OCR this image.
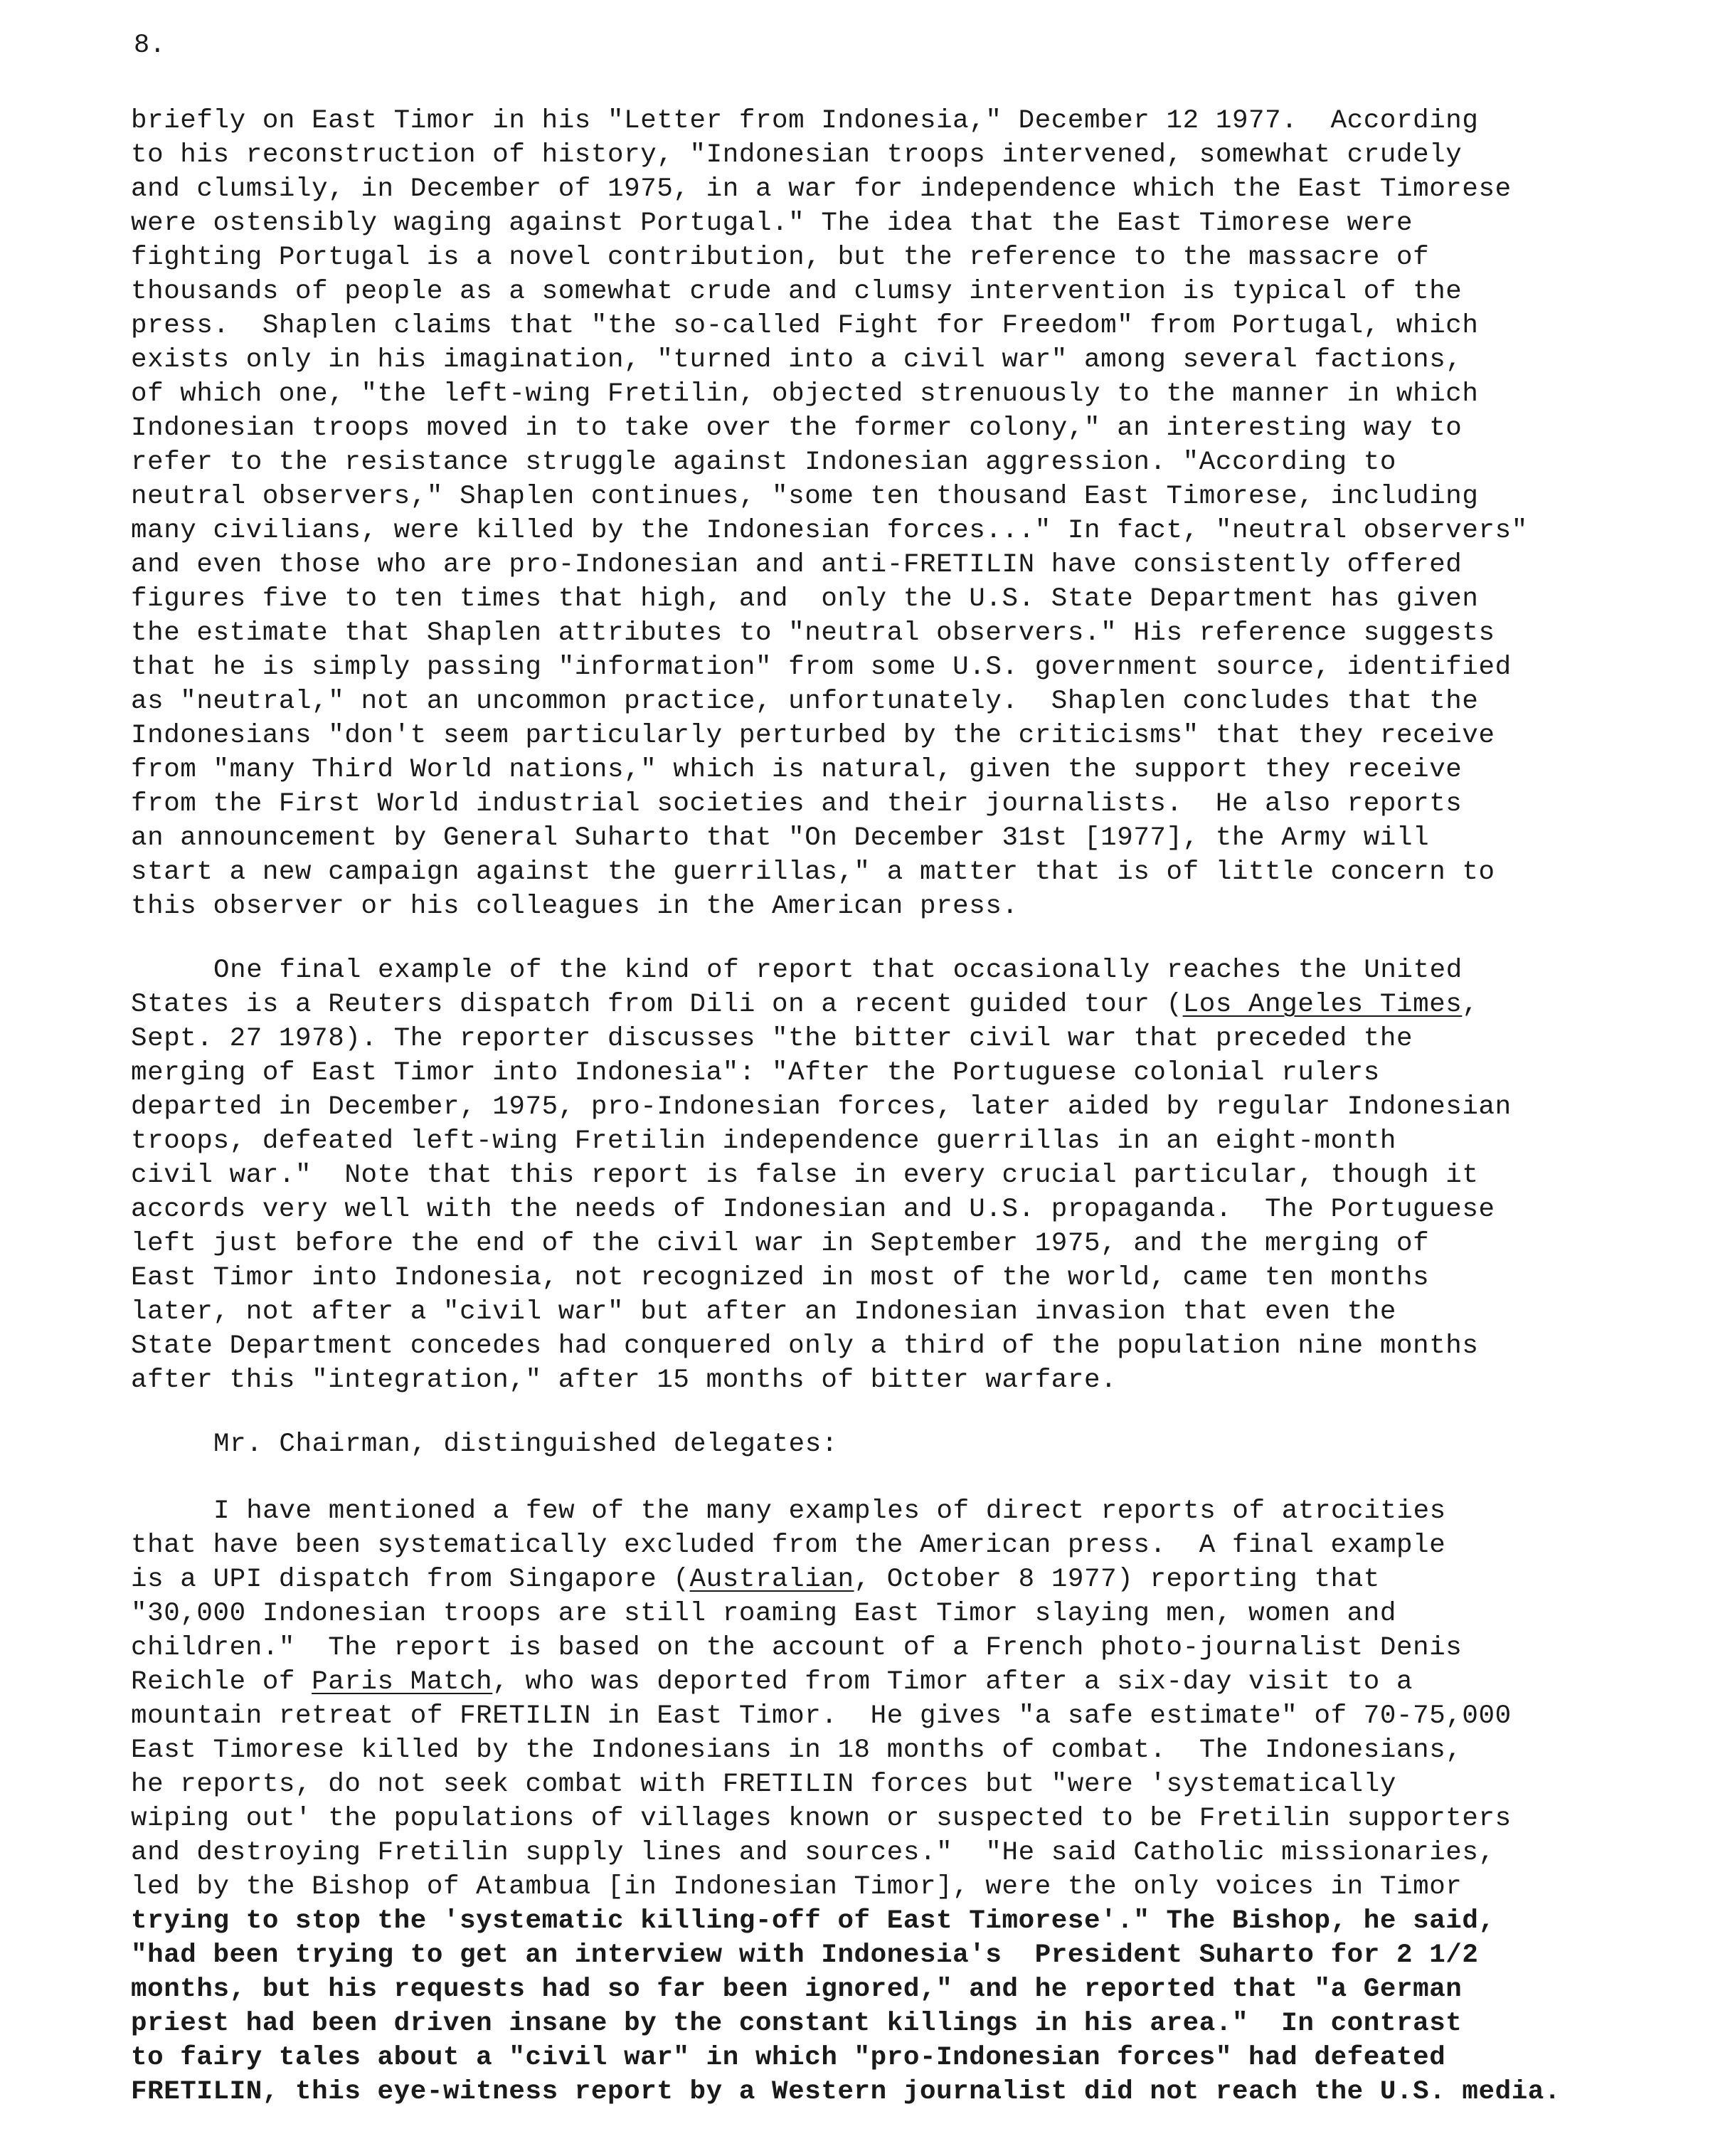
8.
briefly on East Timor in his "Letter from Indonesia," December 12 1977.  According
to his reconstruction of history, "Indonesian troops intervened, somewhat crudely
and clumsily, in December of 1975, in a war for independence which the East Timorese
were ostensibly waging against Portugal." The idea that the East Timorese were
fighting Portugal is a novel contribution, but the reference to the massacre of
thousands of people as a somewhat crude and clumsy intervention is typical of the
press.  Shaplen claims that "the so-called Fight for Freedom" from Portugal, which
exists only in his imagination, "turned into a civil war" among several factions,
of which one, "the left-wing Fretilin, objected strenuously to the manner in which
Indonesian troops moved in to take over the former colony," an interesting way to
refer to the resistance struggle against Indonesian aggression. "According to
neutral observers," Shaplen continues, "some ten thousand East Timorese, including
many civilians, were killed by the Indonesian forces..." In fact, "neutral observers"
and even those who are pro-Indonesian and anti-FRETILIN have consistently offered
figures five to ten times that high, and  only the U.S. State Department has given
the estimate that Shaplen attributes to "neutral observers." His reference suggests
that he is simply passing "information" from some U.S. government source, identified
as "neutral," not an uncommon practice, unfortunately.  Shaplen concludes that the
Indonesians "don't seem particularly perturbed by the criticisms" that they receive
from "many Third World nations," which is natural, given the support they receive
from the First World industrial societies and their journalists.  He also reports
an announcement by General Suharto that "On December 31st [1977], the Army will
start a new campaign against the guerrillas," a matter that is of little concern to
this observer or his colleagues in the American press.
One final example of the kind of report that occasionally reaches the United
States is a Reuters dispatch from Dili on a recent guided tour (Los Angeles Times,
Sept. 27 1978). The reporter discusses "the bitter civil war that preceded the
merging of East Timor into Indonesia": "After the Portuguese colonial rulers
departed in December, 1975, pro-Indonesian forces, later aided by regular Indonesian
troops, defeated left-wing Fretilin independence guerrillas in an eight-month
civil war."  Note that this report is false in every crucial particular, though it
accords very well with the needs of Indonesian and U.S. propaganda.  The Portuguese
left just before the end of the civil war in September 1975, and the merging of
East Timor into Indonesia, not recognized in most of the world, came ten months
later, not after a "civil war" but after an Indonesian invasion that even the
State Department concedes had conquered only a third of the population nine months
after this "integration," after 15 months of bitter warfare.
Mr. Chairman, distinguished delegates:
I have mentioned a few of the many examples of direct reports of atrocities
that have been systematically excluded from the American press.  A final example
is a UPI dispatch from Singapore (Australian, October 8 1977) reporting that
"30,000 Indonesian troops are still roaming East Timor slaying men, women and
children."  The report is based on the account of a French photo-journalist Denis
Reichle of Paris Match, who was deported from Timor after a six-day visit to a
mountain retreat of FRETILIN in East Timor.  He gives "a safe estimate" of 70-75,000
East Timorese killed by the Indonesians in 18 months of combat.  The Indonesians,
he reports, do not seek combat with FRETILIN forces but "were 'systematically
wiping out' the populations of villages known or suspected to be Fretilin supporters
and destroying Fretilin supply lines and sources."  "He said Catholic missionaries,
led by the Bishop of Atambua [in Indonesian Timor], were the only voices in Timor
trying to stop the 'systematic killing-off of East Timorese'." The Bishop, he said,
"had been trying to get an interview with Indonesia's  President Suharto for 2 1/2
months, but his requests had so far been ignored," and he reported that "a German
priest had been driven insane by the constant killings in his area."  In contrast
to fairy tales about a "civil war" in which "pro-Indonesian forces" had defeated
FRETILIN, this eye-witness report by a Western journalist did not reach the U.S. media.
